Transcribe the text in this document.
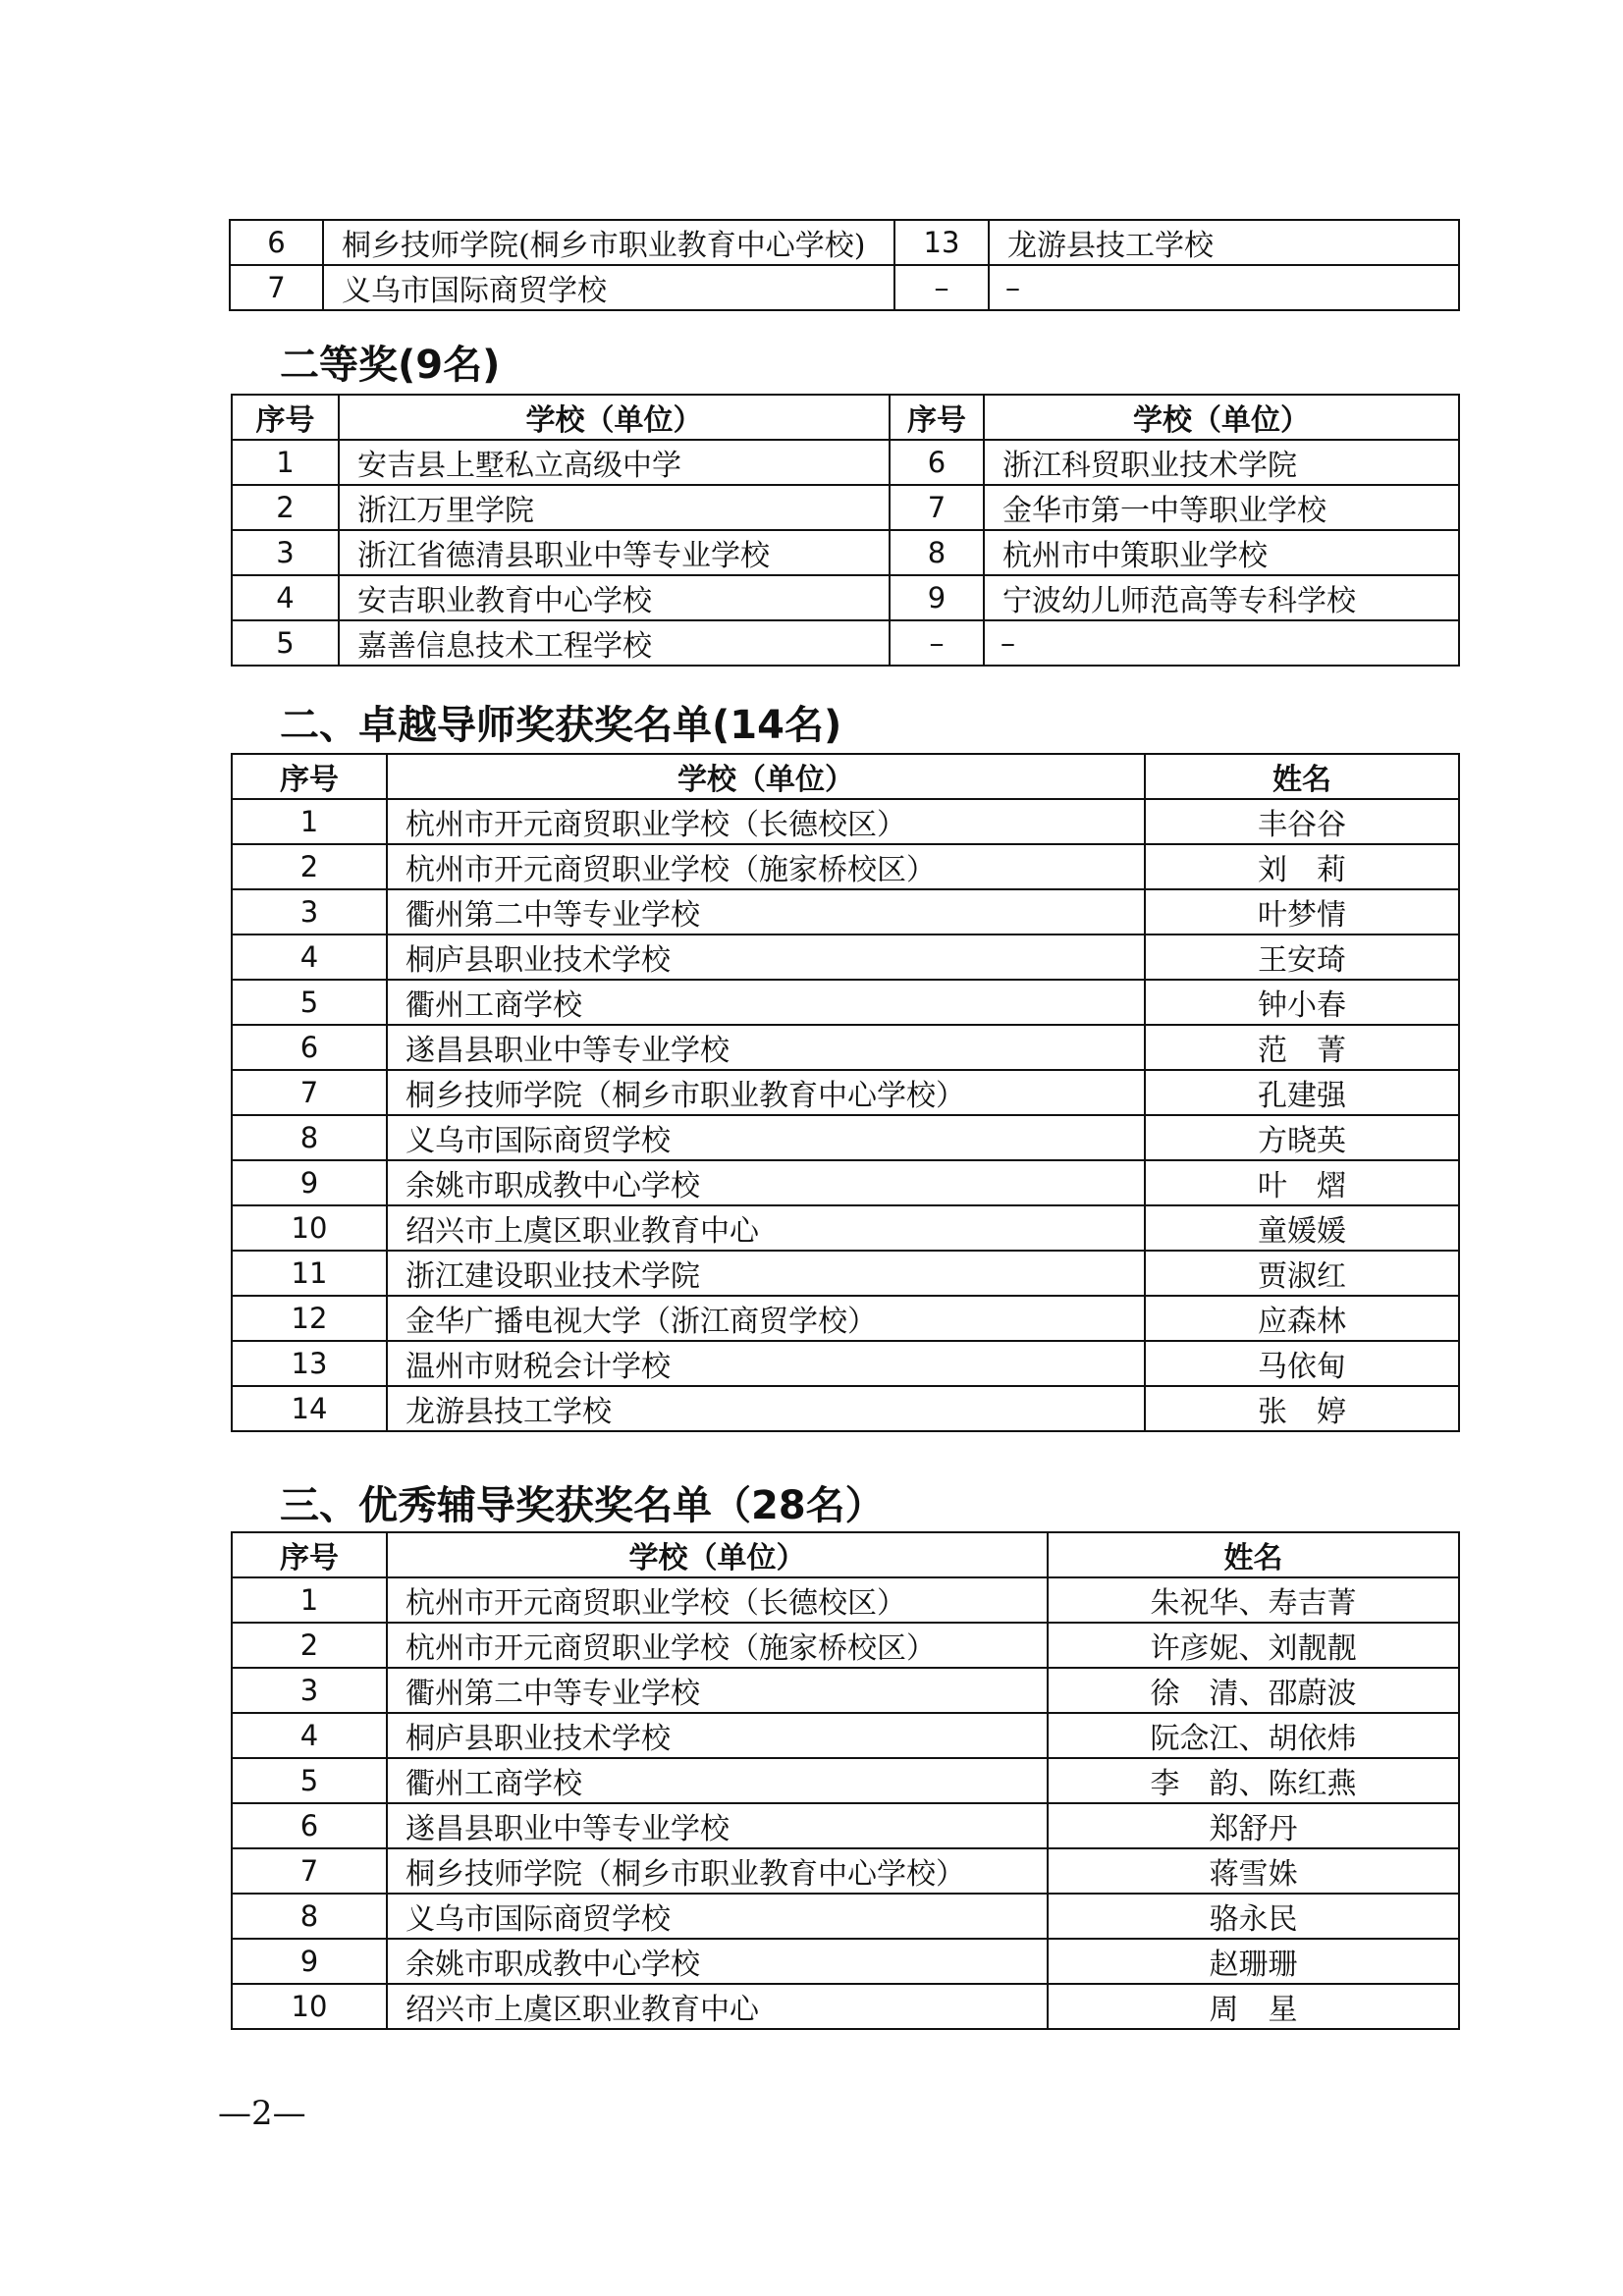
6	桐乡技师学院(桐乡市职业教育中心学校)	13	龙游县技工学校
7	义乌市国际商贸学校	–	–
二等奖(9名)
序号	学校（单位）	序号	学校（单位）
1	安吉县上墅私立高级中学	6	浙江科贸职业技术学院
2	浙江万里学院	7	金华市第一中等职业学校
3	浙江省德清县职业中等专业学校	8	杭州市中策职业学校
4	安吉职业教育中心学校	9	宁波幼儿师范高等专科学校
5	嘉善信息技术工程学校	–	–
二、卓越导师奖获奖名单(14名)
序号	学校（单位）	姓名
1	杭州市开元商贸职业学校（长德校区）	丰谷谷
2	杭州市开元商贸职业学校（施家桥校区）	刘　莉
3	衢州第二中等专业学校	叶梦情
4	桐庐县职业技术学校	王安琦
5	衢州工商学校	钟小春
6	遂昌县职业中等专业学校	范　菁
7	桐乡技师学院（桐乡市职业教育中心学校）	孔建强
8	义乌市国际商贸学校	方晓英
9	余姚市职成教中心学校	叶　熠
10	绍兴市上虞区职业教育中心	童媛媛
11	浙江建设职业技术学院	贾淑红
12	金华广播电视大学（浙江商贸学校）	应森林
13	温州市财税会计学校	马依甸
14	龙游县技工学校	张　婷
三、优秀辅导奖获奖名单（28名）
序号	学校（单位）	姓名
1	杭州市开元商贸职业学校（长德校区）	朱祝华、寿吉菁
2	杭州市开元商贸职业学校（施家桥校区）	许彦妮、刘靓靓
3	衢州第二中等专业学校	徐　清、邵蔚波
4	桐庐县职业技术学校	阮念江、胡依炜
5	衢州工商学校	李　韵、陈红燕
6	遂昌县职业中等专业学校	郑舒丹
7	桐乡技师学院（桐乡市职业教育中心学校）	蒋雪姝
8	义乌市国际商贸学校	骆永民
9	余姚市职成教中心学校	赵珊珊
10	绍兴市上虞区职业教育中心	周　星
—2—
